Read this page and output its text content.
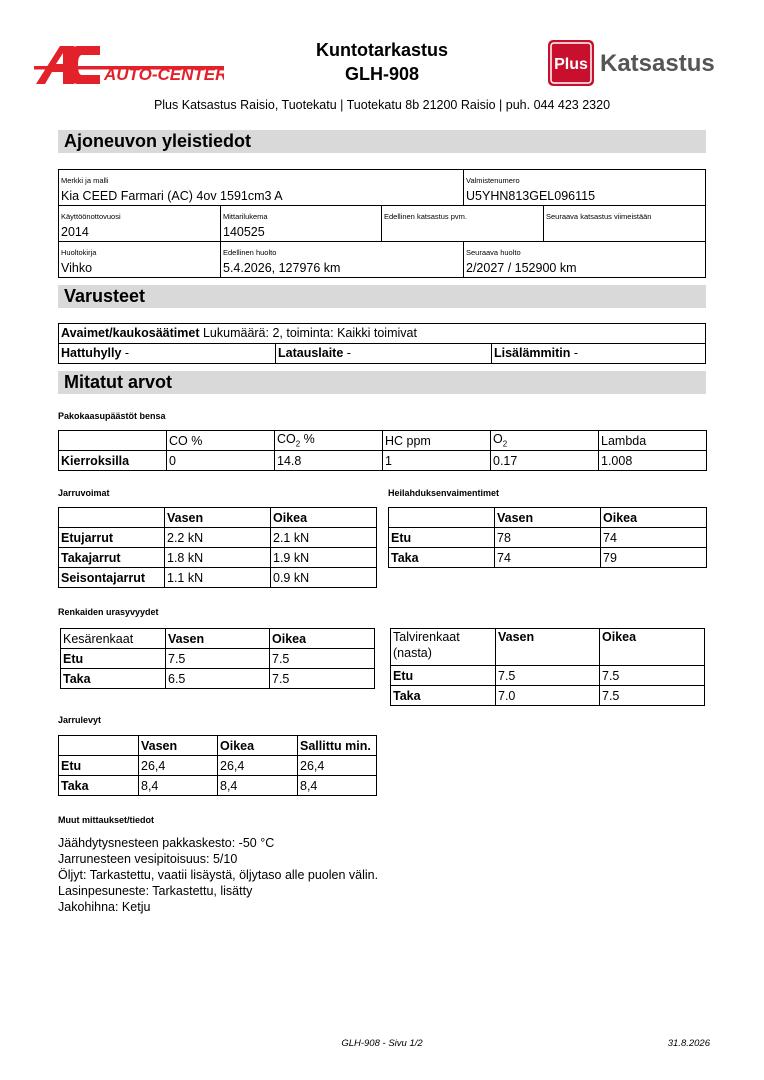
AUTO-CENTER
Kuntotarkastus
GLH-908	Plus Katsastus
Plus Katsastus Raisio, Tuotekatu | Tuotekatu 8b 21200 Raisio | puh. 044 423 2320
Ajoneuvon yleistiedot
Merkki ja malli
Kia CEED Farmari (AC) 4ov 1591cm3 A
Valmistenumero
U5YHN813GEL096115
Käyttöönottovuosi
2014
Mittarilukema
140525
Edellinen katsastus pvm.	Seuraava katsastus viimeistään
Huoltokirja
Vihko
Edellinen huolto
5.4.2026, 127976 km
Seuraava huolto
2/2027 / 152900 km
Varusteet
Avaimet/kaukosäätimet Lukumäärä: 2, toiminta: Kaikki toimivat
Hattuhylly -	Latauslaite -	Lisälämmitin -
Mitatut arvot
Pakokaasupäästöt bensa
	CO %	$CO_2$ %	HC ppm	$O_2$	Lambda
Kierroksilla	0	14.8	1	0.17	1.008
Jarruvoimat
	Vasen	Oikea
Etujarrut	2.2 kN	2.1 kN
Takajarrut	1.8 kN	1.9 kN
Seisontajarrut	1.1 kN	0.9 kN
Heilahduksenvaimentimet
	Vasen	Oikea
Etu	78	74
Taka	74	79
Renkaiden urasyvyydet
Kesärenkaat	Vasen	Oikea
Etu	7.5	7.5
Taka	6.5	7.5
Talvirenkaat
(nasta)	Vasen	Oikea
Etu	7.5	7.5
Taka	7.0	7.5
Jarrulevyt
	Vasen	Oikea	Sallittu min.
Etu	26,4	26,4	26,4
Taka	8,4	8,4	8,4
Muut mittaukset/tiedot
Jäähdytysnesteen pakkaskesto: -50 °C
Jarrunesteen vesipitoisuus: 5/10
Öljyt: Tarkastettu, vaatii lisäystä, öljytaso alle puolen välin.
Lasinpesuneste: Tarkastettu, lisätty
Jakohihna: Ketju
GLH-908 - Sivu 1/2	31.8.2026
